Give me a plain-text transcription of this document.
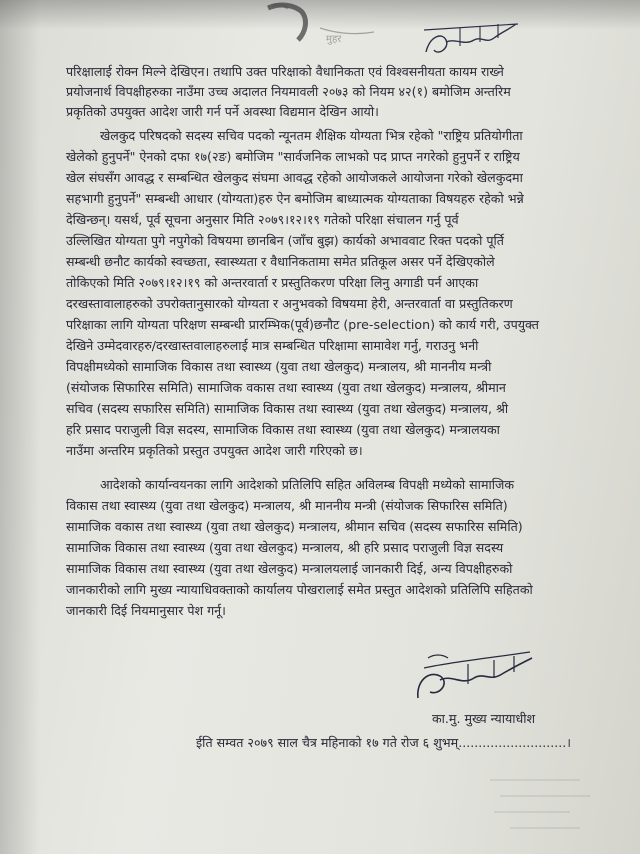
मुहर
परिक्षालाई रोक्न मिल्ने देखिएन। तथापि उक्त परिक्षाको वैधानिकता एवं विश्वसनीयता कायम राख्ने
प्रयोजनार्थ विपक्षीहरुका नाउँमा उच्च अदालत नियमावली २०७३ को नियम ४२(१) बमोजिम अन्तरिम
प्रकृतिको उपयुक्त आदेश जारी गर्न पर्ने अवस्था विद्यमान देखिन आयो।
खेलकुद परिषदको सदस्य सचिव पदको न्यूनतम शैक्षिक योग्यता भित्र रहेको "राष्ट्रिय प्रतियोगीता
खेलेको हुनुपर्ने" ऐनको दफा १७(२ङ) बमोजिम "सार्वजनिक लाभको पद प्राप्त नगरेको हुनुपर्ने र राष्ट्रिय
खेल संघसँग आवद्ध र सम्बन्धित खेलकुद संघमा आवद्ध रहेको आयोजकले आयोजना गरेको खेलकुदमा
सहभागी हुनुपर्ने" सम्बन्धी आधार (योग्यता)हरु ऐन बमोजिम बाध्यात्मक योग्यताका विषयहरु रहेको भन्ने
देखिन्छन्। यसर्थ, पूर्व सूचना अनुसार मिति २०७९।१२।१९ गतेको परिक्षा संचालन गर्नु पूर्व
उल्लिखित योग्यता पुगे नपुगेको विषयमा छानबिन (जाँच बुझ) कार्यको अभाववाट रिक्त पदको पूर्ति
सम्बन्धी छनौट कार्यको स्वच्छता, स्वास्थ्यता र वैधानिकतामा समेत प्रतिकूल असर पर्ने देखिएकोले
तोकिएको मिति २०७९।१२।१९ को अन्तरवार्ता र प्रस्तुतिकरण परिक्षा लिनु अगाडी पर्न आएका
दरखस्तावालाहरुको उपरोक्तानुसारको योग्यता र अनुभवको विषयमा हेरी, अन्तरवार्ता वा प्रस्तुतिकरण
परिक्षाका लागि योग्यता परिक्षण सम्बन्धी प्रारम्भिक(पूर्व)छनौट (pre-selection) को कार्य गरी, उपयुक्त
देखिने उम्मेदवारहरु/दरखास्तवालाहरुलाई मात्र सम्बन्धित परिक्षामा सामावेश गर्नु, गराउनु भनी
विपक्षीमध्येको सामाजिक विकास तथा स्वास्थ्य (युवा तथा खेलकुद) मन्त्रालय, श्री माननीय मन्त्री
(संयोजक सिफारिस समिति) सामाजिक वकास तथा स्वास्थ्य (युवा तथा खेलकुद) मन्त्रालय, श्रीमान
सचिव (सदस्य सफारिस समिति) सामाजिक विकास तथा स्वास्थ्य (युवा तथा खेलकुद) मन्त्रालय, श्री
हरि प्रसाद पराजुली विज्ञ सदस्य, सामाजिक विकास तथा स्वास्थ्य (युवा तथा खेलकुद) मन्त्रालयका
नाउँमा अन्तरिम प्रकृतिको प्रस्तुत उपयुक्त आदेश जारी गरिएको छ।
आदेशको कार्यान्वयनका लागि आदेशको प्रतिलिपि सहित अविलम्ब विपक्षी मध्येको सामाजिक
विकास तथा स्वास्थ्य (युवा तथा खेलकुद) मन्त्रालय, श्री माननीय मन्त्री (संयोजक सिफारिस समिति)
सामाजिक वकास तथा स्वास्थ्य (युवा तथा खेलकुद) मन्त्रालय, श्रीमान सचिव (सदस्य सफारिस समिति)
सामाजिक विकास तथा स्वास्थ्य (युवा तथा खेलकुद) मन्त्रालय, श्री हरि प्रसाद पराजुली विज्ञ सदस्य
सामाजिक विकास तथा स्वास्थ्य (युवा तथा खेलकुद) मन्त्रालयलाई जानकारी दिई, अन्य विपक्षीहरुको
जानकारीको लागि मुख्य न्यायाधिवक्ताको कार्यालय पोखरालाई समेत प्रस्तुत आदेशको प्रतिलिपि सहितको
जानकारी दिई नियमानुसार पेश गर्नू।
का.मु. मुख्य न्यायाधीश
ईति सम्वत २०७९ साल चैत्र महिनाको १७ गते रोज ६ शुभम्...........................।
